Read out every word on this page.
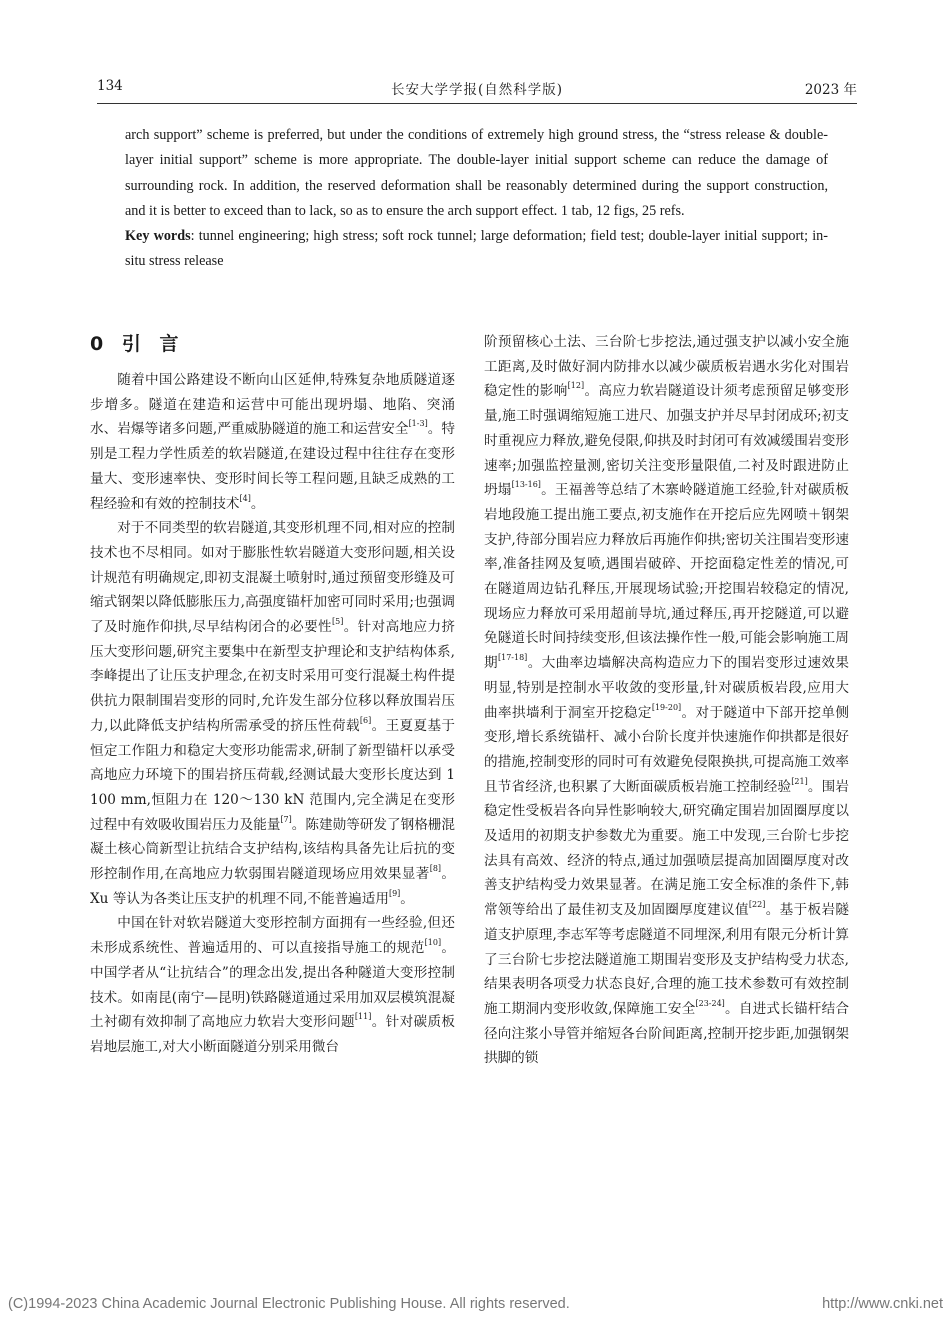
134	长安大学学报(自然科学版)	2023 年

arch support” scheme is preferred, but under the conditions of extremely high ground stress, the “stress release & double-layer initial support” scheme is more appropriate. The double-layer initial support scheme can reduce the damage of surrounding rock. In addition, the reserved deformation shall be reasonably determined during the support construction, and it is better to exceed than to lack, so as to ensure the arch support effect. 1 tab, 12 figs, 25 refs.

Key words: tunnel engineering; high stress; soft rock tunnel; large deformation; field test; double-layer initial support; in-situ stress release

0 引 言

随着中国公路建设不断向山区延伸,特殊复杂地质隧道逐步增多。隧道在建造和运营中可能出现坍塌、地陷、突涌水、岩爆等诸多问题,严重威胁隧道的施工和运营安全[1-3]。特别是工程力学性质差的软岩隧道,在建设过程中往往存在变形量大、变形速率快、变形时间长等工程问题,且缺乏成熟的工程经验和有效的控制技术[4]。

对于不同类型的软岩隧道,其变形机理不同,相对应的控制技术也不尽相同。如对于膨胀性软岩隧道大变形问题,相关设计规范有明确规定,即初支混凝土喷射时,通过预留变形缝及可缩式钢架以降低膨胀压力,高强度锚杆加密可同时采用;也强调了及时施作仰拱,尽早结构闭合的必要性[5]。针对高地应力挤压大变形问题,研究主要集中在新型支护理论和支护结构体系,李峰提出了让压支护理念,在初支时采用可变行混凝土构件提供抗力限制围岩变形的同时,允许发生部分位移以释放围岩压力,以此降低支护结构所需承受的挤压性荷载[6]。王夏夏基于恒定工作阻力和稳定大变形功能需求,研制了新型锚杆以承受高地应力环境下的围岩挤压荷载,经测试最大变形长度达到 1 100 mm,恒阻力在 120～130 kN 范围内,完全满足在变形过程中有效吸收围岩压力及能量[7]。陈建勋等研发了钢格栅混凝土核心筒新型让抗结合支护结构,该结构具备先让后抗的变形控制作用,在高地应力软弱围岩隧道现场应用效果显著[8]。Xu 等认为各类让压支护的机理不同,不能普遍适用[9]。

中国在针对软岩隧道大变形控制方面拥有一些经验,但还未形成系统性、普遍适用的、可以直接指导施工的规范[10]。中国学者从“让抗结合”的理念出发,提出各种隧道大变形控制技术。如南昆(南宁—昆明)铁路隧道通过采用加双层模筑混凝土衬砌有效抑制了高地应力软岩大变形问题[11]。针对碳质板岩地层施工,对大小断面隧道分别采用微台

阶预留核心土法、三台阶七步挖法,通过强支护以减小安全施工距离,及时做好洞内防排水以减少碳质板岩遇水劣化对围岩稳定性的影响[12]。高应力软岩隧道设计须考虑预留足够变形量,施工时强调缩短施工进尺、加强支护并尽早封闭成环;初支时重视应力释放,避免侵限,仰拱及时封闭可有效减缓围岩变形速率;加强监控量测,密切关注变形量限值,二衬及时跟进防止坍塌[13-16]。王福善等总结了木寨岭隧道施工经验,针对碳质板岩地段施工提出施工要点,初支施作在开挖后应先网喷＋钢架支护,待部分围岩应力释放后再施作仰拱;密切关注围岩变形速率,准备挂网及复喷,遇围岩破碎、开挖面稳定性差的情况,可在隧道周边钻孔释压,开展现场试验;开挖围岩较稳定的情况,现场应力释放可采用超前导坑,通过释压,再开挖隧道,可以避免隧道长时间持续变形,但该法操作性一般,可能会影响施工周期[17-18]。大曲率边墙解决高构造应力下的围岩变形过速效果明显,特别是控制水平收敛的变形量,针对碳质板岩段,应用大曲率拱墙利于洞室开挖稳定[19-20]。对于隧道中下部开挖单侧变形,增长系统锚杆、减小台阶长度并快速施作仰拱都是很好的措施,控制变形的同时可有效避免侵限换拱,可提高施工效率且节省经济,也积累了大断面碳质板岩施工控制经验[21]。围岩稳定性受板岩各向异性影响较大,研究确定围岩加固圈厚度以及适用的初期支护参数尤为重要。施工中发现,三台阶七步挖法具有高效、经济的特点,通过加强喷层提高加固圈厚度对改善支护结构受力效果显著。在满足施工安全标准的条件下,韩常领等给出了最佳初支及加固圈厚度建议值[22]。基于板岩隧道支护原理,李志军等考虑隧道不同埋深,利用有限元分析计算了三台阶七步挖法隧道施工期围岩变形及支护结构受力状态,结果表明各项受力状态良好,合理的施工技术参数可有效控制施工期洞内变形收敛,保障施工安全[23-24]。自进式长锚杆结合径向注浆小导管并缩短各台阶间距离,控制开挖步距,加强钢架拱脚的锁

(C)1994-2023 China Academic Journal Electronic Publishing House. All rights reserved.	http://www.cnki.net
